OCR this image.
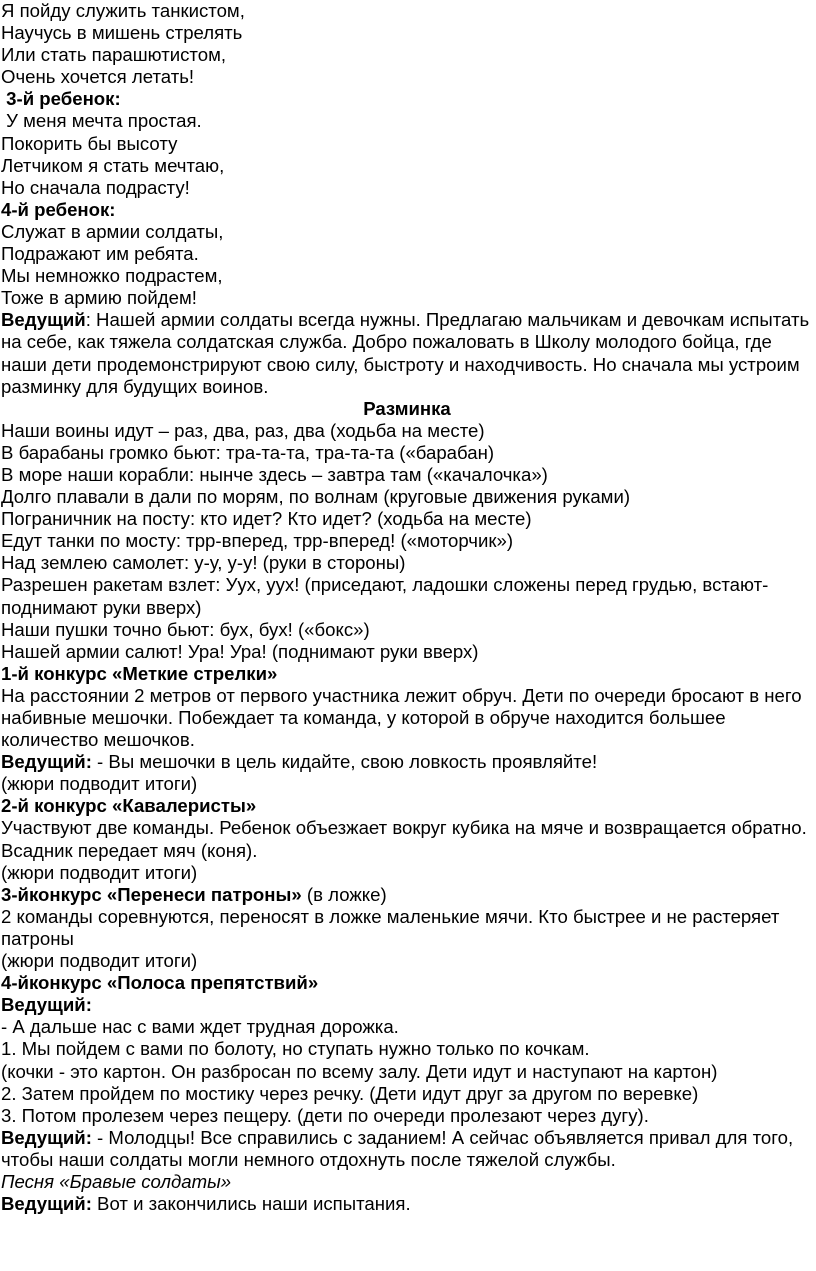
Я пойду служить танкистом,
Научусь в мишень стрелять
Или стать парашютистом,
Очень хочется летать!
3-й ребенок:
У меня мечта простая.
Покорить бы высоту
Летчиком я стать мечтаю,
Но сначала подрасту!
4-й ребенок:
Служат в армии солдаты,
Подражают им ребята.
Мы немножко подрастем,
Тоже в армию пойдем!
Ведущий: Нашей армии солдаты всегда нужны. Предлагаю мальчикам и девочкам испытать на себе, как тяжела солдатская служба. Добро пожаловать в Школу молодого бойца, где наши дети продемонстрируют свою силу, быстроту и находчивость. Но сначала мы устроим разминку для будущих воинов.
Разминка
Наши воины идут – раз, два, раз, два (ходьба на месте)
В барабаны громко бьют: тра-та-та, тра-та-та («барабан)
В море наши корабли: нынче здесь – завтра там («качалочка»)
Долго плавали в дали по морям, по волнам (круговые движения руками)
Пограничник на посту: кто идет? Кто идет? (ходьба на месте)
Едут танки по мосту: трр-вперед, трр-вперед! («моторчик»)
Над землею самолет: у-у, у-у! (руки в стороны)
Разрешен ракетам взлет: Уух, уух! (приседают, ладошки сложены перед грудью, встают- поднимают руки вверх)
Наши пушки точно бьют: бух, бух! («бокс»)
Нашей армии салют! Ура! Ура! (поднимают руки вверх)
1-й конкурс «Меткие стрелки»
На расстоянии 2 метров от первого участника лежит обруч. Дети по очереди бросают в него набивные мешочки. Побеждает та команда, у которой в обруче находится большее количество мешочков.
Ведущий: - Вы мешочки в цель кидайте, свою ловкость проявляйте!
(жюри подводит итоги)
2-й конкурс «Кавалеристы»
Участвуют две команды. Ребенок объезжает вокруг кубика на мяче и возвращается обратно. Всадник передает мяч (коня).
(жюри подводит итоги)
3-йконкурс «Перенеси патроны» (в ложке)
2 команды соревнуются, переносят в ложке маленькие мячи. Кто быстрее и не растеряет патроны
(жюри подводит итоги)
4-йконкурс «Полоса препятствий»
Ведущий:
- А дальше нас с вами ждет трудная дорожка.
1. Мы пойдем с вами по болоту, но ступать нужно только по кочкам.
(кочки - это картон. Он разбросан по всему залу. Дети идут и наступают на картон)
2. Затем пройдем по мостику через речку. (Дети идут друг за другом по веревке)
3. Потом пролезем через пещеру. (дети по очереди пролезают через дугу).
Ведущий: - Молодцы! Все справились с заданием! А сейчас объявляется привал для того, чтобы наши солдаты могли немного отдохнуть после тяжелой службы.
Песня «Бравые солдаты»
Ведущий: Вот и закончились наши испытания.
